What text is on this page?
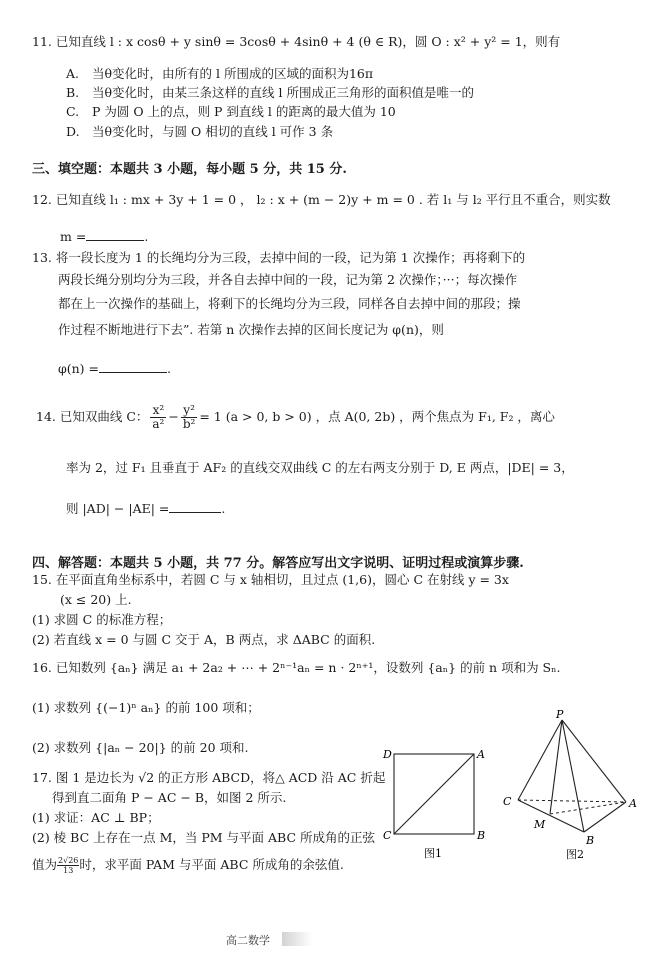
11. 已知直线 l : x cosθ + y sinθ = 3cosθ + 4sinθ + 4 (θ ∈ R)，圆 O : x² + y² = 1，则有
A. 当θ变化时，由所有的 l 所围成的区域的面积为16π
B. 当θ变化时，由某三条这样的直线 l 所围成正三角形的面积值是唯一的
C. P 为圆 O 上的点，则 P 到直线 l 的距离的最大值为 10
D. 当θ变化时，与圆 O 相切的直线 l 可作 3 条
三、填空题：本题共 3 小题，每小题 5 分，共 15 分.
12. 已知直线 l₁ : mx + 3y + 1 = 0 ， l₂ : x + (m − 2)y + m = 0 . 若 l₁ 与 l₂ 平行且不重合，则实数
m =	.
13. 将一段长度为 1 的长绳均分为三段，去掉中间的一段，记为第 1 次操作；再将剩下的
两段长绳分别均分为三段，并各自去掉中间的一段，记为第 2 次操作；···；每次操作
都在上一次操作的基础上，将剩下的长绳均分为三段，同样各自去掉中间的那段；操
作过程不断地进行下去”. 若第 n 次操作去掉的区间长度记为 φ(n)，则
φ(n) =	.
14. 已知双曲线 C： $\frac{\text{x²}}{\text{a²}} - \frac{\text{y²}}{\text{b²}} = 1$ (a > 0, b > 0) ，点 A(0, 2b) ，两个焦点为 F₁, F₂ ，离心
率为 2，过 F₁ 且垂直于 AF₂ 的直线交双曲线 C 的左右两支分别于 D, E 两点，|DE| = 3，
则 |AD| − |AE| =	.
四、解答题：本题共 5 小题，共 77 分。解答应写出文字说明、证明过程或演算步骤.
15. 在平面直角坐标系中，若圆 C 与 x 轴相切，且过点 (1,6)，圆心 C 在射线 y = 3x
(x ≤ 20) 上.
(1) 求圆 C 的标准方程；
(2) 若直线 x = 0 与圆 C 交于 A，B 两点，求 ΔABC 的面积.
16. 已知数列 {aₙ} 满足 a₁ + 2a₂ + ⋯ + 2ⁿ⁻¹aₙ = n · 2ⁿ⁺¹，设数列 {aₙ} 的前 n 项和为 Sₙ.
(1) 求数列 {(−1)ⁿ aₙ} 的前 100 项和；
(2) 求数列 {|aₙ − 20|} 的前 20 项和.
17. 图 1 是边长为 √2 的正方形 ABCD，将△ ACD 沿 AC 折起
得到直二面角 P − AC − B，如图 2 所示.
(1) 求证：AC ⊥ BP；
(2) 棱 BC 上存在一点 M，当 PM 与平面 ABC 所成角的正弦
值为 $\frac{2√26}{13}$ 时，求平面 PAM 与平面 ABC 所成角的余弦值.
D	A
C	B
图1
P
C	A
B
M
图2
高二数学
